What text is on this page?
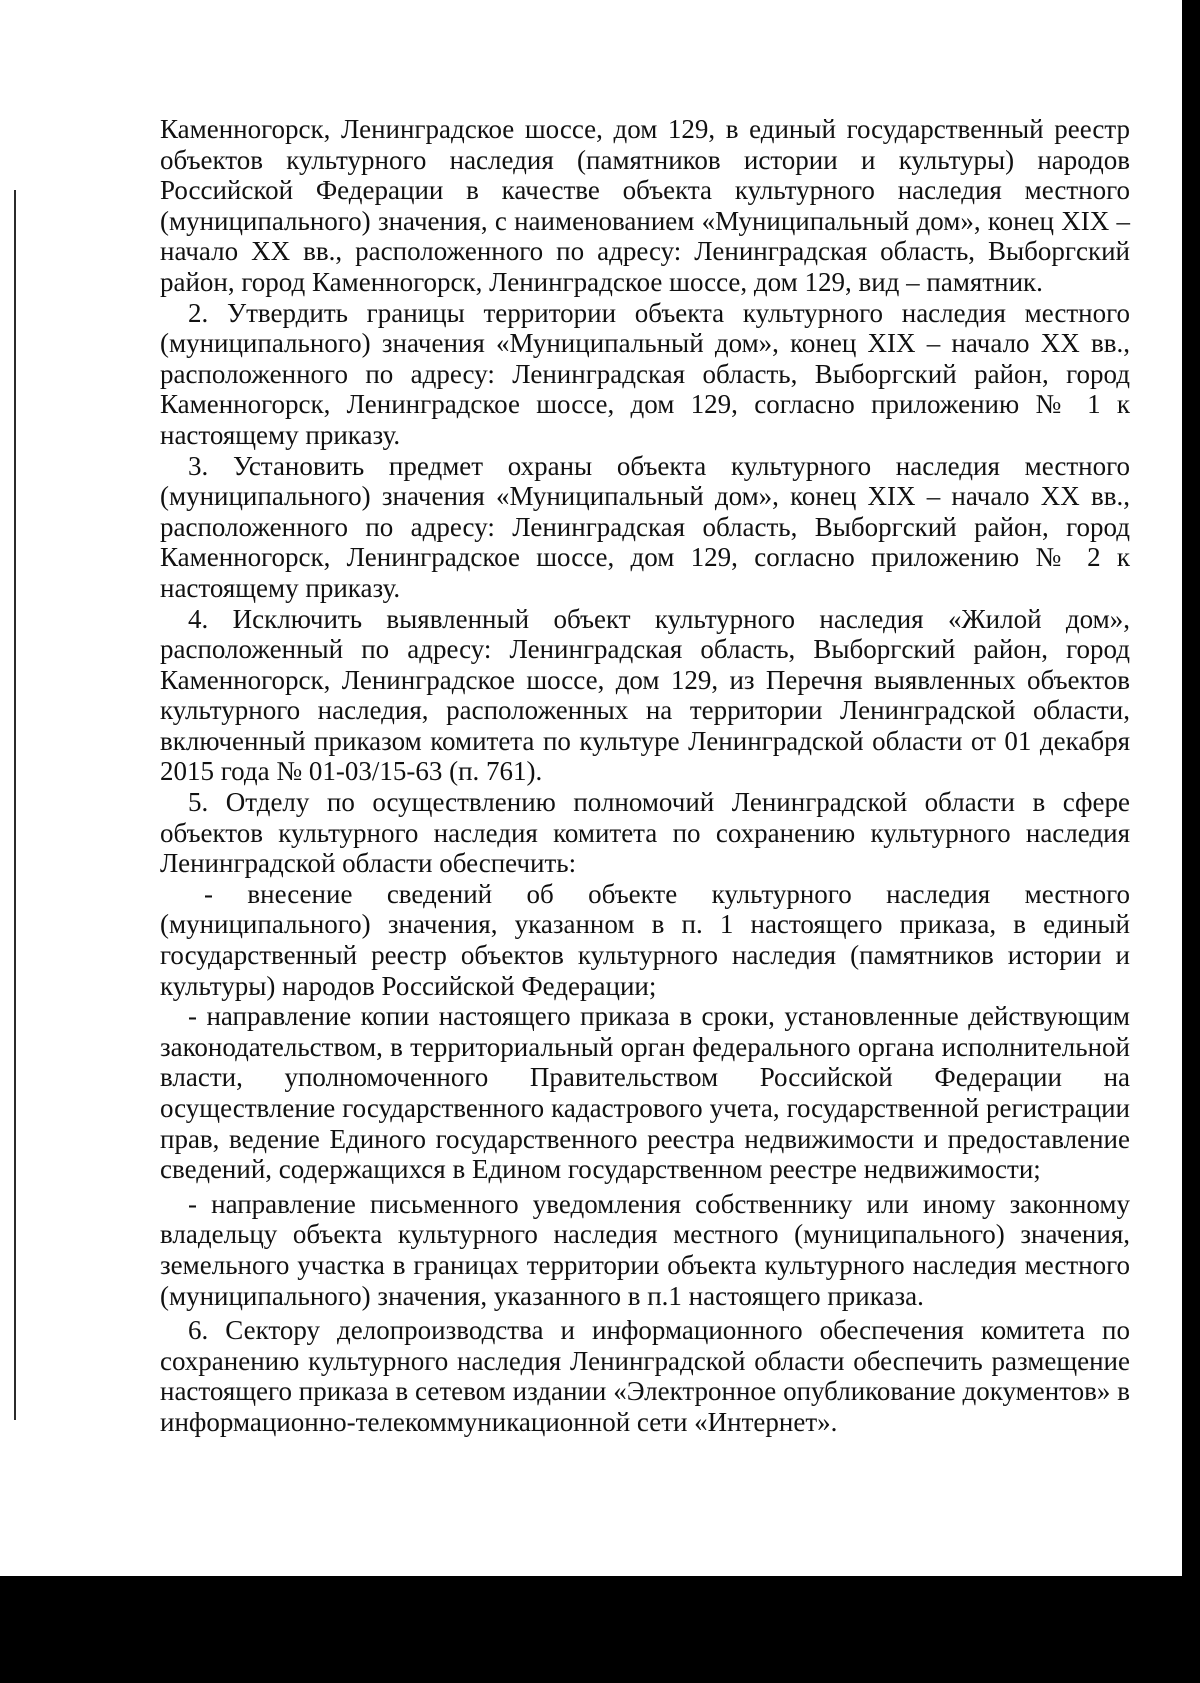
Каменногорск, Ленинградское шоссе, дом 129, в единый государственный реестр объектов культурного наследия (памятников истории и культуры) народов Российской Федерации в качестве объекта культурного наследия местного (муниципального) значения, с наименованием «Муниципальный дом», конец XIX – начало XX вв., расположенного по адресу: Ленинградская область, Выборгский район, город Каменногорск, Ленинградское шоссе, дом 129, вид – памятник.

2. Утвердить границы территории объекта культурного наследия местного (муниципального) значения «Муниципальный дом», конец XIX – начало XX вв., расположенного по адресу: Ленинградская область, Выборгский район, город Каменногорск, Ленинградское шоссе, дом 129, согласно приложению № 1 к настоящему приказу.

3. Установить предмет охраны объекта культурного наследия местного (муниципального) значения «Муниципальный дом», конец XIX – начало XX вв., расположенного по адресу: Ленинградская область, Выборгский район, город Каменногорск, Ленинградское шоссе, дом 129, согласно приложению № 2 к настоящему приказу.

4. Исключить выявленный объект культурного наследия «Жилой дом», расположенный по адресу: Ленинградская область, Выборгский район, город Каменногорск, Ленинградское шоссе, дом 129, из Перечня выявленных объектов культурного наследия, расположенных на территории Ленинградской области, включенный приказом комитета по культуре Ленинградской области от 01 декабря 2015 года № 01-03/15-63 (п. 761).

5. Отделу по осуществлению полномочий Ленинградской области в сфере объектов культурного наследия комитета по сохранению культурного наследия Ленинградской области обеспечить:

- внесение сведений об объекте культурного наследия местного (муниципального) значения, указанном в п. 1 настоящего приказа, в единый государственный реестр объектов культурного наследия (памятников истории и культуры) народов Российской Федерации;

- направление копии настоящего приказа в сроки, установленные действующим законодательством, в территориальный орган федерального органа исполнительной власти, уполномоченного Правительством Российской Федерации на осуществление государственного кадастрового учета, государственной регистрации прав, ведение Единого государственного реестра недвижимости и предоставление сведений, содержащихся в Едином государственном реестре недвижимости;

- направление письменного уведомления собственнику или иному законному владельцу объекта культурного наследия местного (муниципального) значения, земельного участка в границах территории объекта культурного наследия местного (муниципального) значения, указанного в п.1 настоящего приказа.

6. Сектору делопроизводства и информационного обеспечения комитета по сохранению культурного наследия Ленинградской области обеспечить размещение настоящего приказа в сетевом издании «Электронное опубликование документов» в информационно-телекоммуникационной сети «Интернет».
